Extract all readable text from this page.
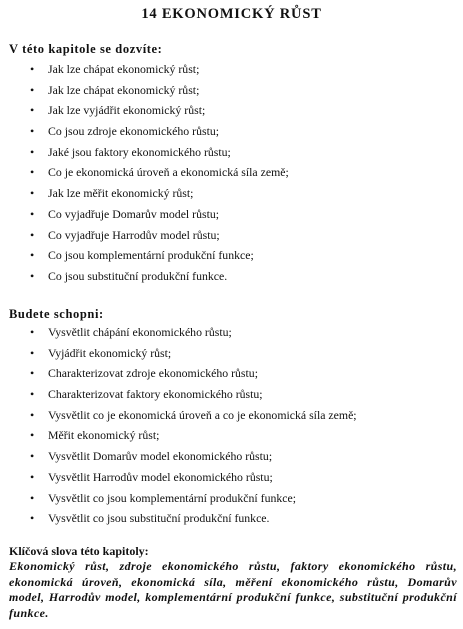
14 EKONOMICKÝ RŮST
V této kapitole se dozvíte:
• Jak lze chápat ekonomický růst;
• Jak lze chápat ekonomický růst;
• Jak lze vyjádřit ekonomický růst;
• Co jsou zdroje ekonomického růstu;
• Jaké jsou faktory ekonomického růstu;
• Co je ekonomická úroveň a ekonomická síla země;
• Jak lze měřit ekonomický růst;
• Co vyjadřuje Domarův model růstu;
• Co vyjadřuje Harrodův model růstu;
• Co jsou komplementární produkční funkce;
• Co jsou substituční produkční funkce.
Budete schopni:
• Vysvětlit chápání ekonomického růstu;
• Vyjádřit ekonomický růst;
• Charakterizovat zdroje ekonomického růstu;
• Charakterizovat faktory ekonomického růstu;
• Vysvětlit co je ekonomická úroveň a co je ekonomická síla země;
• Měřit ekonomický růst;
• Vysvětlit Domarův model ekonomického růstu;
• Vysvětlit Harrodův model ekonomického růstu;
• Vysvětlit co jsou komplementární produkční funkce;
• Vysvětlit co jsou substituční produkční funkce.
Klíčová slova této kapitoly:
Ekonomický růst, zdroje ekonomického růstu, faktory ekonomického růstu, ekonomická úroveň, ekonomická síla, měření ekonomického růstu, Domarův model, Harrodův model, komplementární produkční funkce, substituční produkční funkce.
